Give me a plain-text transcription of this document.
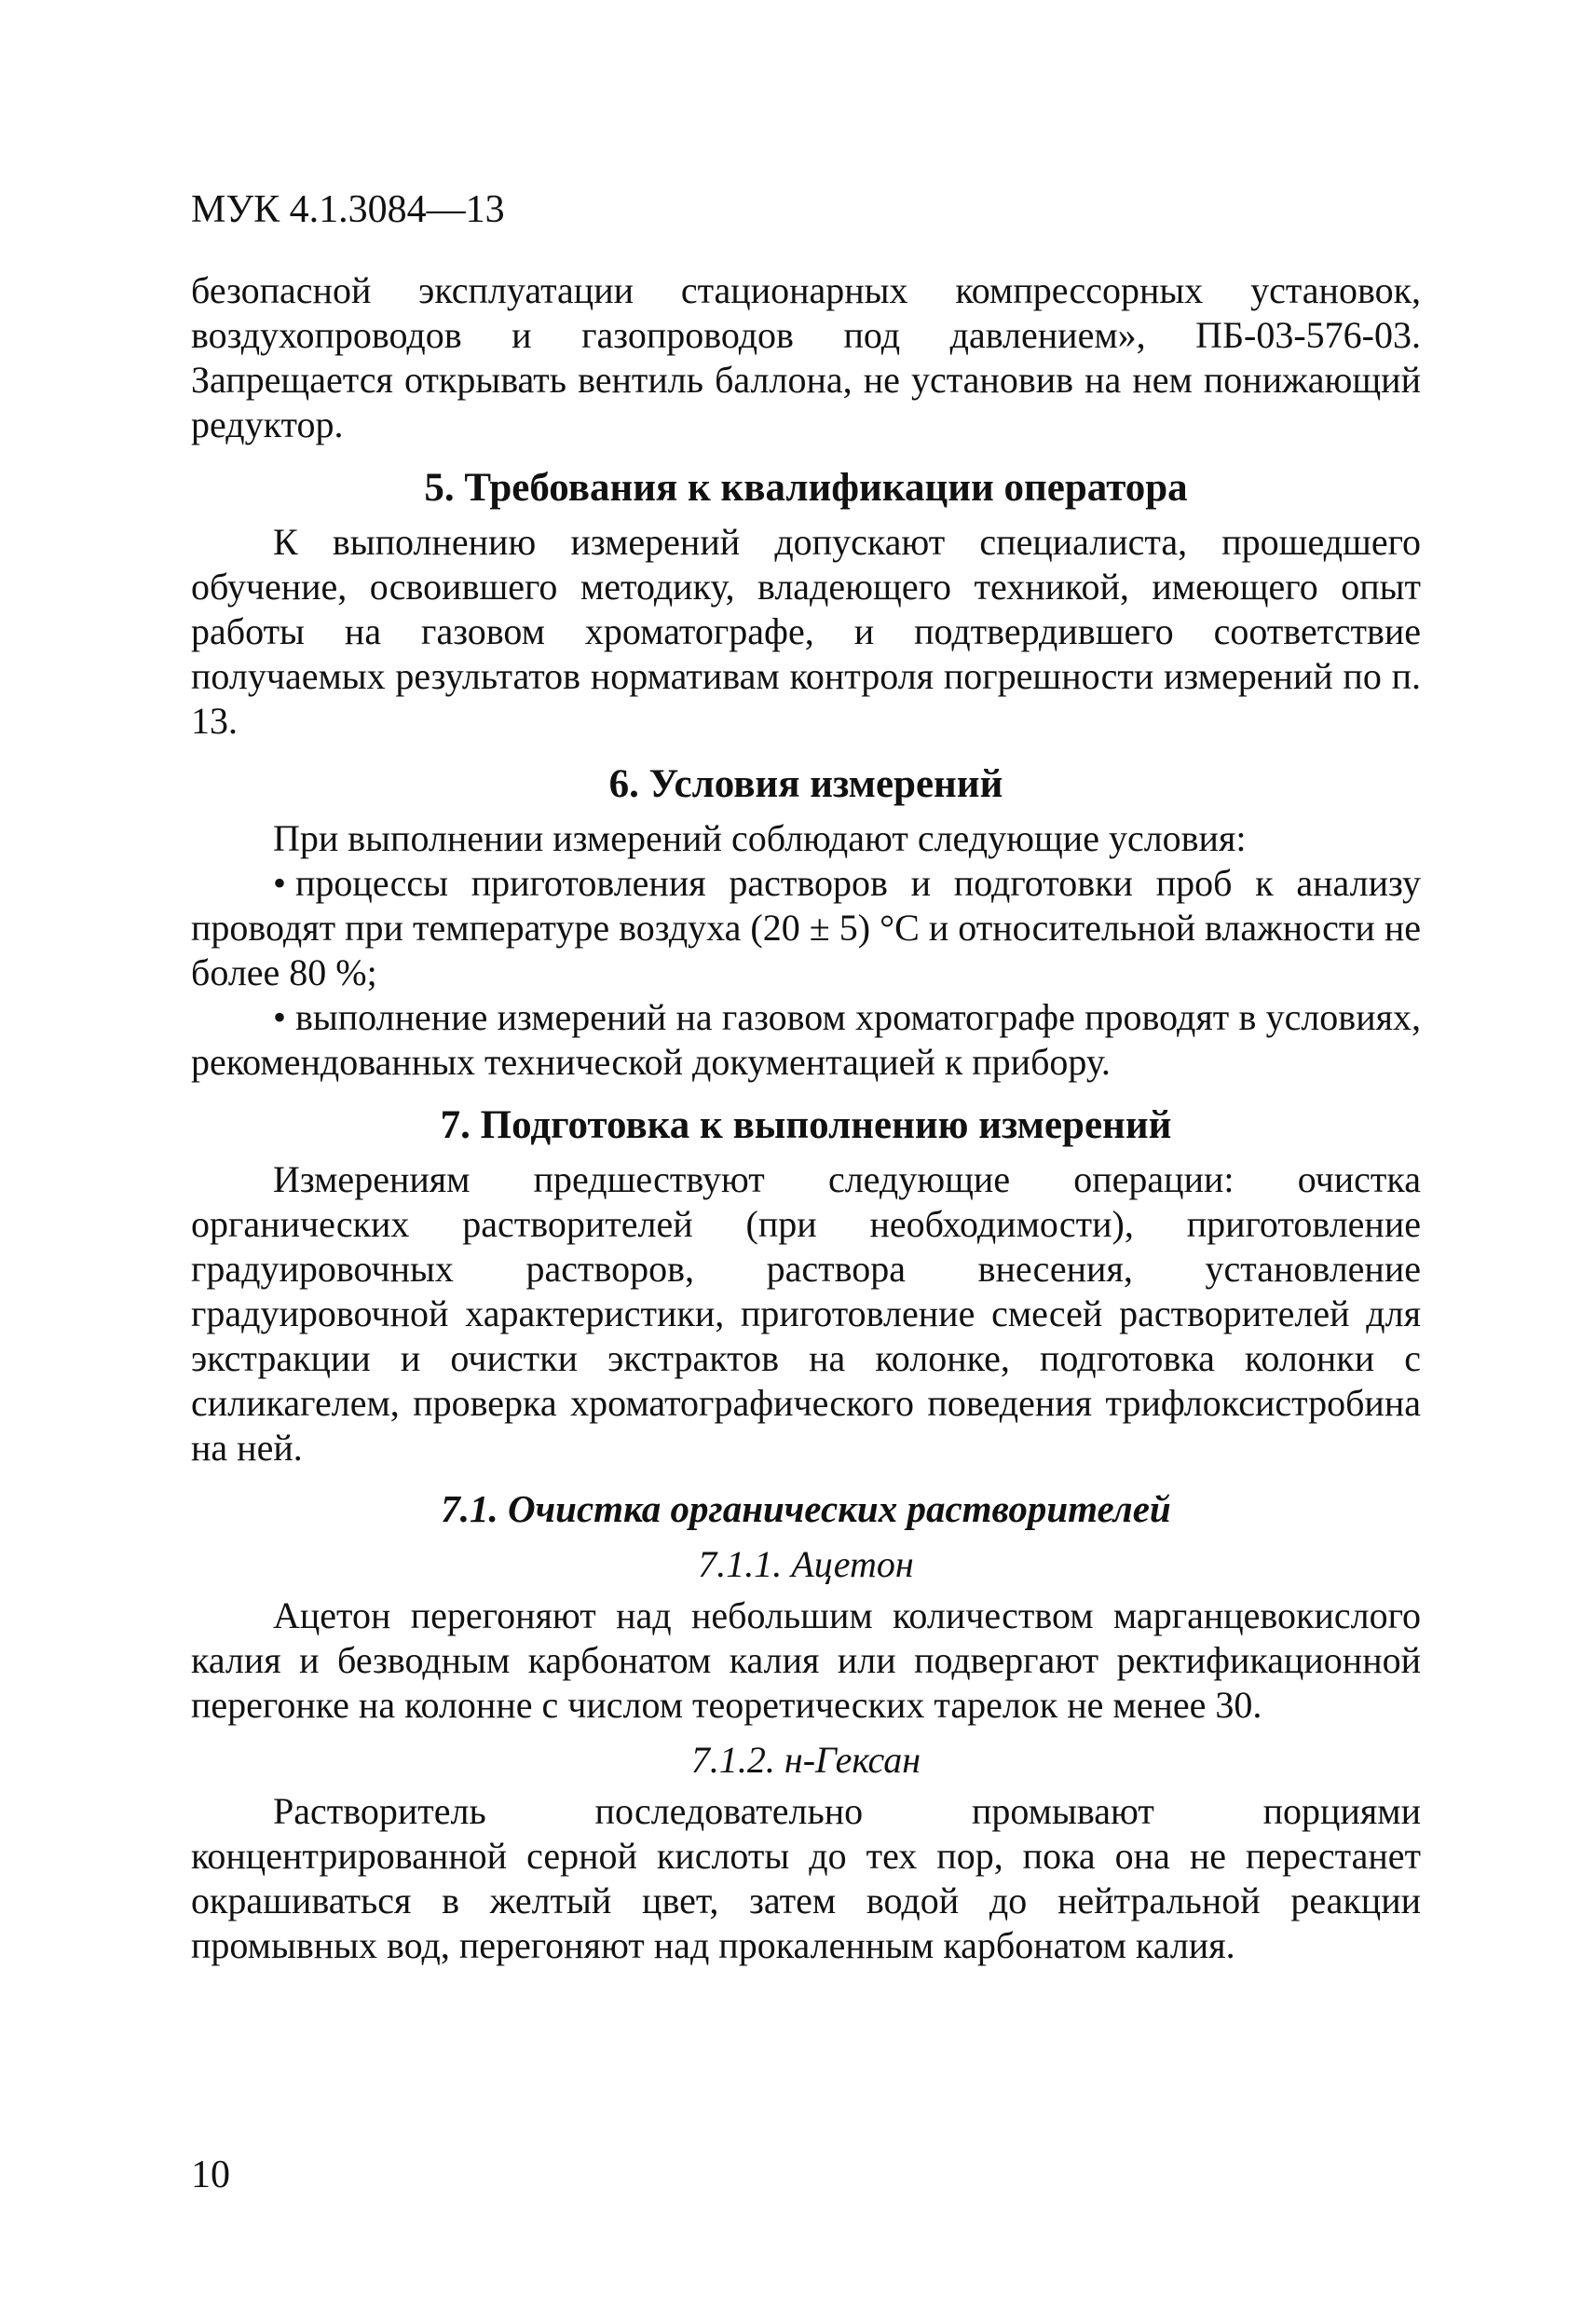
МУК 4.1.3084—13

безопасной эксплуатации стационарных компрессорных установок, воздухопроводов и газопроводов под давлением», ПБ-03-576-03. Запрещается открывать вентиль баллона, не установив на нем понижающий редуктор.

5. Требования к квалификации оператора

К выполнению измерений допускают специалиста, прошедшего обучение, освоившего методику, владеющего техникой, имеющего опыт работы на газовом хроматографе, и подтвердившего соответствие получаемых результатов нормативам контроля погрешности измерений по п. 13.

6. Условия измерений

При выполнении измерений соблюдают следующие условия:

• процессы приготовления растворов и подготовки проб к анализу проводят при температуре воздуха (20 ± 5) °С и относительной влажности не более 80 %;

• выполнение измерений на газовом хроматографе проводят в условиях, рекомендованных технической документацией к прибору.

7. Подготовка к выполнению измерений

Измерениям предшествуют следующие операции: очистка органических растворителей (при необходимости), приготовление градуировочных растворов, раствора внесения, установление градуировочной характеристики, приготовление смесей растворителей для экстракции и очистки экстрактов на колонке, подготовка колонки с силикагелем, проверка хроматографического поведения трифлоксистробина на ней.

7.1. Очистка органических растворителей
7.1.1. Ацетон

Ацетон перегоняют над небольшим количеством марганцевокислого калия и безводным карбонатом калия или подвергают ректификационной перегонке на колонне с числом теоретических тарелок не менее 30.

7.1.2. н-Гексан

Растворитель последовательно промывают порциями концентрированной серной кислоты до тех пор, пока она не перестанет окрашиваться в желтый цвет, затем водой до нейтральной реакции промывных вод, перегоняют над прокаленным карбонатом калия.

10
